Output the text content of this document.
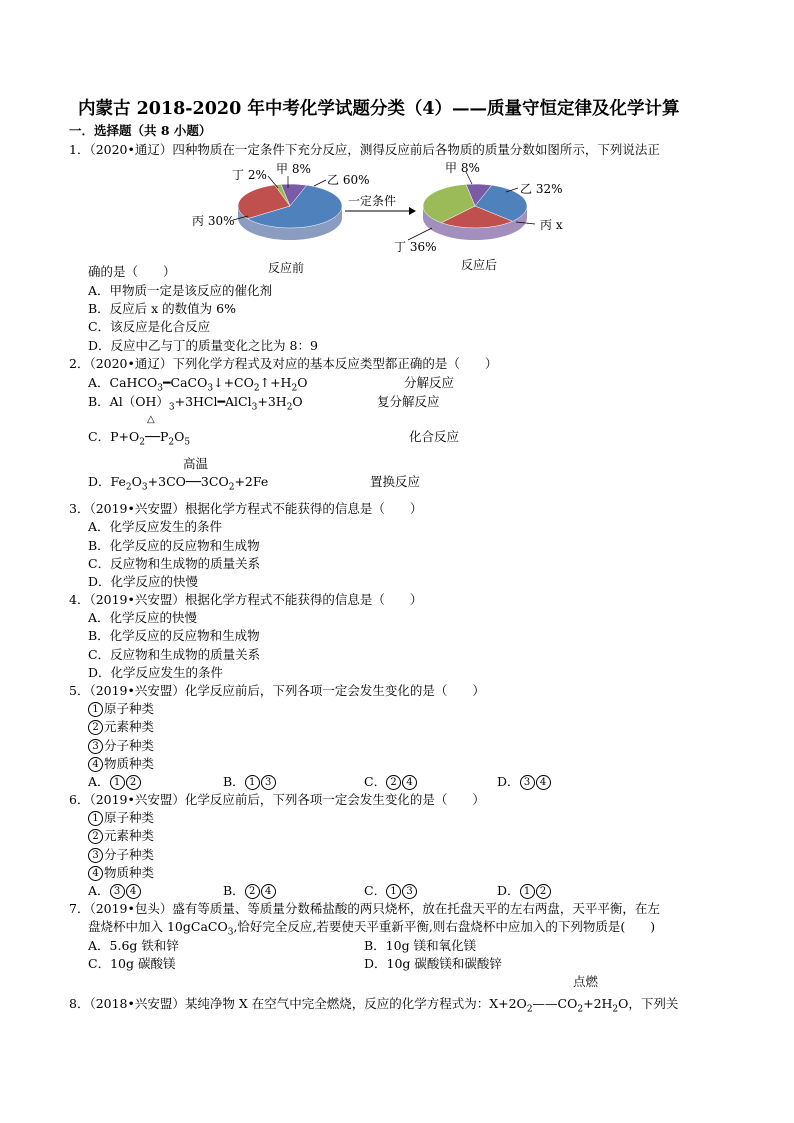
内蒙古 2018-2020 年中考化学试题分类（4）——质量守恒定律及化学计算
一．选择题（共 8 小题）
1．（2020•通辽）四种物质在一定条件下充分反应，测得反应前后各物质的质量分数如图所示，下列说法正
一定条件
丁 2% 甲 8%
乙 60%
丙 30%
甲 8%
乙 32%
丙 x
丁 36%
反应前	反应后
确的是（　　）
A．甲物质一定是该反应的催化剂
B．反应后 x 的数值为 6%
C．该反应是化合反应
D．反应中乙与丁的质量变化之比为 8：9
2．（2020•通辽）下列化学方程式及对应的基本反应类型都正确的是（　　）
A．$CaHCO_3━CaCO_3↓+CO_2↑+H_2O$	分解反应
B．$Al(OH)_3+3HCl━AlCl_3+3H_2O$	复分解反应
△
C．$P+O_2──P_2O_5$	化合反应
高温
D．$Fe_2O_3+3CO──3CO_2+2Fe$	置换反应
3．（2019•兴安盟）根据化学方程式不能获得的信息是（　　）
A．化学反应发生的条件
B．化学反应的反应物和生成物
C．反应物和生成物的质量关系
D．化学反应的快慢
4．（2019•兴安盟）根据化学方程式不能获得的信息是（　　）
A．化学反应的快慢
B．化学反应的反应物和生成物
C．反应物和生成物的质量关系
D．化学反应发生的条件
5．（2019•兴安盟）化学反应前后，下列各项一定会发生变化的是（　　）
1 原子种类
2 元素种类
3 分子种类
4 物质种类
A． 1 2	B． 1 3	C． 2 4	D． 3 4
6．（2019•兴安盟）化学反应前后，下列各项一定会发生变化的是（　　）
1 原子种类
2 元素种类
3 分子种类
4 物质种类
A． 3 4	B． 2 4	C． 1 3	D． 1 2
7．（2019•包头）盛有等质量、等质量分数稀盐酸的两只烧杯，放在托盘天平的左右两盘，天平平衡，在左
盘烧杯中加入 10gCaCO$_3$,恰好完全反应,若要使天平重新平衡,则右盘烧杯中应加入的下列物质是(　　)
A．5.6g 铁和锌	B．10g 镁和氧化镁
C．10g 碳酸镁	D．10g 碳酸镁和碳酸锌
点燃
8．（2018•兴安盟）某纯净物 X 在空气中完全燃烧，反应的化学方程式为：$X+2O_2——CO_2+2H_2O$，下列关
